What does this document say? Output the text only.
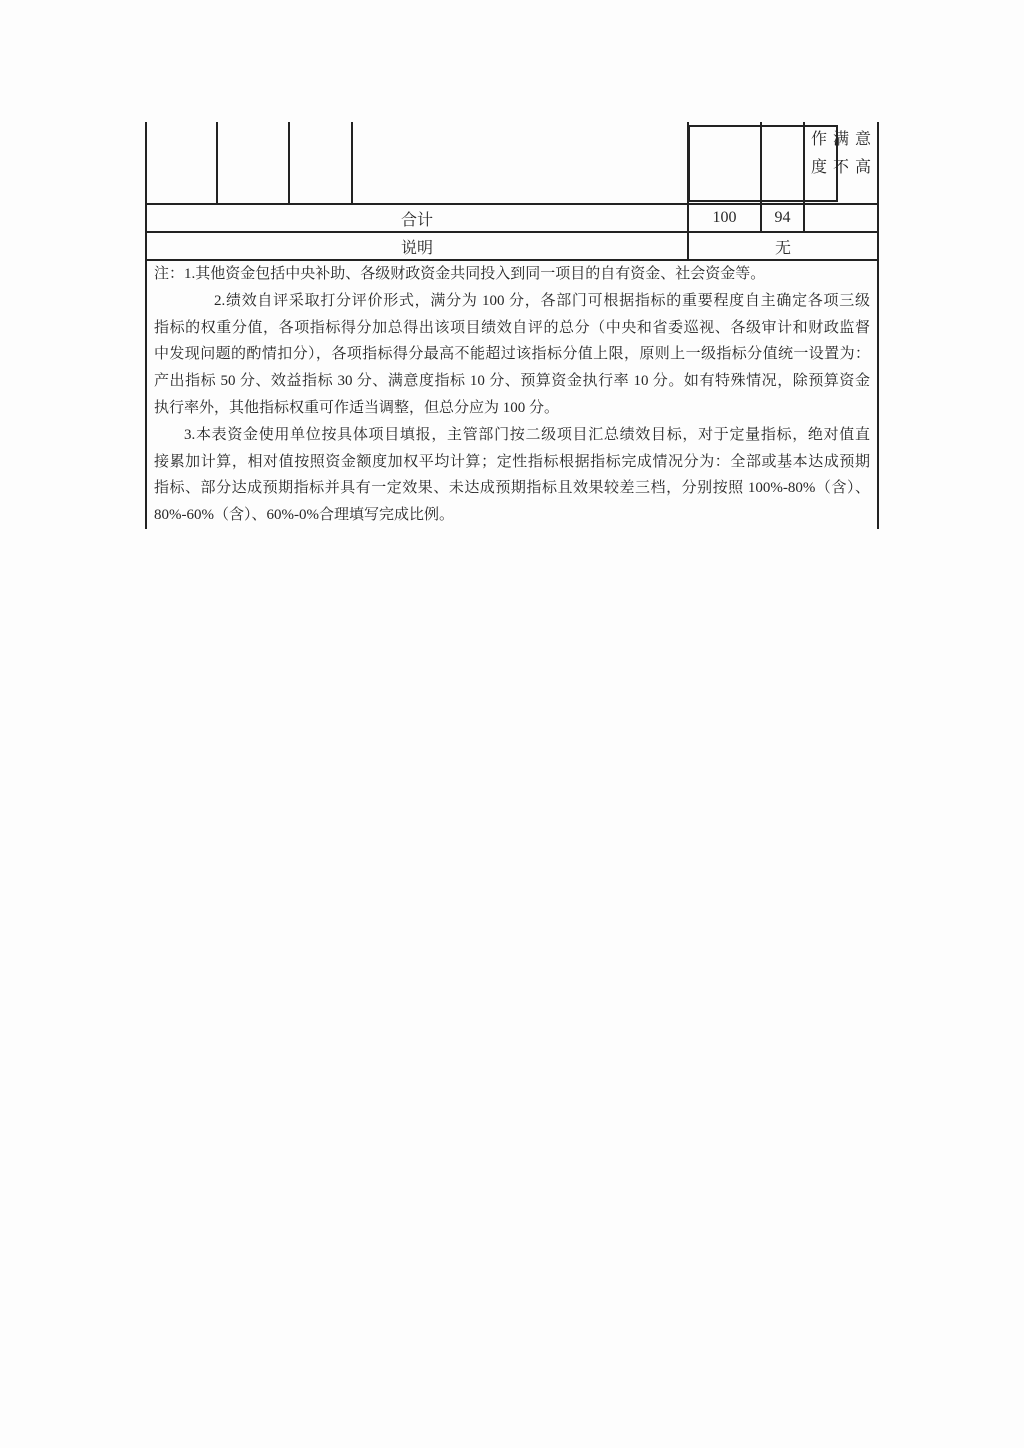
作满意度不高
合计	100	94
说明	无
注：1.其他资金包括中央补助、各级财政资金共同投入到同一项目的自有资金、社会资金等。
2.绩效自评采取打分评价形式，满分为 100 分，各部门可根据指标的重要程度自主确定各项三级
指标的权重分值，各项指标得分加总得出该项目绩效自评的总分（中央和省委巡视、各级审计和财政监督
中发现问题的酌情扣分），各项指标得分最高不能超过该指标分值上限，原则上一级指标分值统一设置为：
产出指标 50 分、效益指标 30 分、满意度指标 10 分、预算资金执行率 10 分。如有特殊情况，除预算资金
执行率外，其他指标权重可作适当调整，但总分应为 100 分。
3.本表资金使用单位按具体项目填报，主管部门按二级项目汇总绩效目标，对于定量指标，绝对值直
接累加计算，相对值按照资金额度加权平均计算；定性指标根据指标完成情况分为：全部或基本达成预期
指标、部分达成预期指标并具有一定效果、未达成预期指标且效果较差三档，分别按照 100%-80%（含）、
80%-60%（含）、60%-0%合理填写完成比例。
